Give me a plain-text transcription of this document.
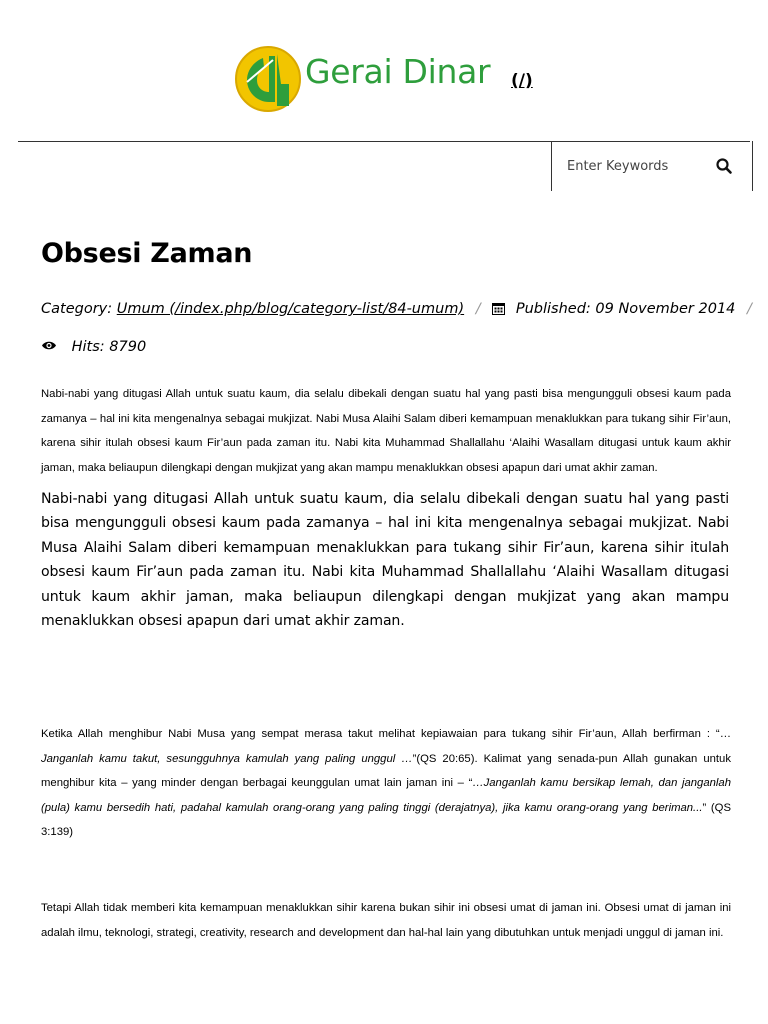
Gerai Dinar (/)
Enter Keywords
Obsesi Zaman
Category: Umum (/index.php/blog/category-list/84-umum) / Published: 09 November 2014 /
Hits: 8790

Nabi-nabi yang ditugasi Allah untuk suatu kaum, dia selalu dibekali dengan suatu hal yang pasti bisa mengungguli obsesi kaum pada zamanya – hal ini kita mengenalnya sebagai mukjizat. Nabi Musa Alaihi Salam diberi kemampuan menaklukkan para tukang sihir Fir’aun, karena sihir itulah obsesi kaum Fir’aun pada zaman itu. Nabi kita Muhammad Shallallahu ‘Alaihi Wasallam ditugasi untuk kaum akhir jaman, maka beliaupun dilengkapi dengan mukjizat yang akan mampu menaklukkan obsesi apapun dari umat akhir zaman.

Nabi-nabi yang ditugasi Allah untuk suatu kaum, dia selalu dibekali dengan suatu hal yang pasti bisa mengungguli obsesi kaum pada zamanya – hal ini kita mengenalnya sebagai mukjizat. Nabi Musa Alaihi Salam diberi kemampuan menaklukkan para tukang sihir Fir’aun, karena sihir itulah obsesi kaum Fir’aun pada zaman itu. Nabi kita Muhammad Shallallahu ‘Alaihi Wasallam ditugasi untuk kaum akhir jaman, maka beliaupun dilengkapi dengan mukjizat yang akan mampu menaklukkan obsesi apapun dari umat akhir zaman.

Ketika Allah menghibur Nabi Musa yang sempat merasa takut melihat kepiawaian para tukang sihir Fir’aun, Allah berfirman : “…Janganlah kamu takut, sesungguhnya kamulah yang paling unggul …”(QS 20:65). Kalimat yang senada-pun Allah gunakan untuk menghibur kita – yang minder dengan berbagai keunggulan umat lain jaman ini – “…Janganlah kamu bersikap lemah, dan janganlah (pula) kamu bersedih hati, padahal kamulah orang-orang yang paling tinggi (derajatnya), jika kamu orang-orang yang beriman...” (QS 3:139)

Tetapi Allah tidak memberi kita kemampuan menaklukkan sihir karena bukan sihir ini obsesi umat di jaman ini. Obsesi umat di jaman ini adalah ilmu, teknologi, strategi, creativity, research and development dan hal-hal lain yang dibutuhkan untuk menjadi unggul di jaman ini.
